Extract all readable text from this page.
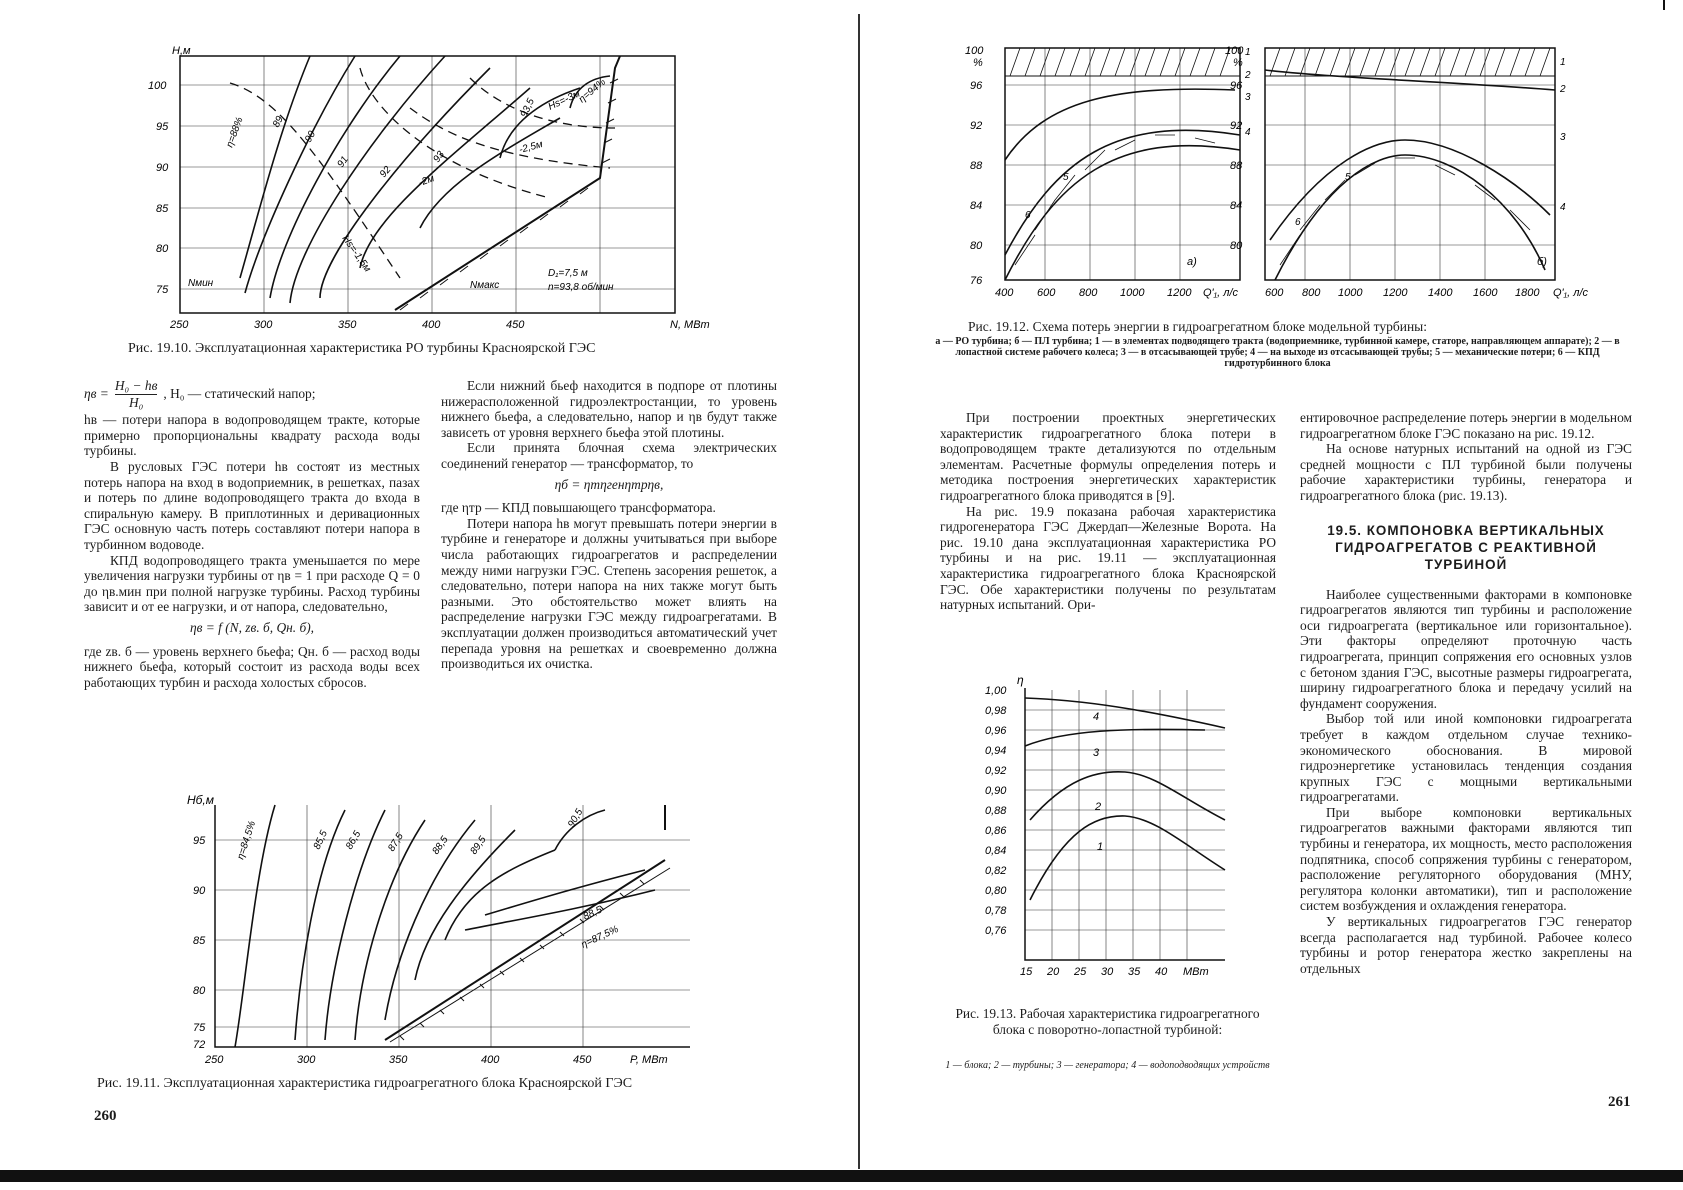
H,м
100
95
90
85
80
75
250	300	350	400	450	N, МВт
η=88%	89
90
91
92
93
93,5
η=94%
Hs=-1,5м
-2м
-2,5м
Hs=-3м
Nмин	Nмакс
D₁=7,5 м
n=93,8 об/мин
Рис. 19.10. Эксплуатационная характеристика РО турбины Красноярской ГЭС
ηв =
H₀ − hв
H₀
, H₀ — статический напор;

hв — потери напора в водопроводящем тракте, которые примерно пропорциональны квадрату расхода воды турбины.

В русловых ГЭС потери hв состоят из местных потерь напора на вход в водоприемник, в решетках, пазах и потерь по длине водопроводящего тракта до входа в спиральную камеру. В приплотинных и деривационных ГЭС основную часть потерь составляют потери напора в турбинном водоводе.

КПД водопроводящего тракта уменьшается по мере увеличения нагрузки турбины от ηв = 1 при расходе Q = 0 до ηв.мин при полной нагрузке турбины. Расход турбины зависит и от ее нагрузки, и от напора, следовательно,

ηв = f (N, zв. б, Qн. б),

где zв. б — уровень верхнего бьефа; Qн. б — расход воды нижнего бьефа, который состоит из расхода воды всех работающих турбин и расхода холостых сбросов.

Если нижний бьеф находится в подпоре от плотины нижерасположенной гидроэлектростанции, то уровень нижнего бьефа, а следовательно, напор и ηв будут также зависеть от уровня верхнего бьефа этой плотины.

Если принята блочная схема электрических соединений генератор — трансформатор, то

ηб = ηтηгенηтрηв,

где ηтр — КПД повышающего трансформатора.

Потери напора hв могут превышать потери энергии в турбине и генераторе и должны учитываться при выборе числа работающих гидроагрегатов и распределении между ними нагрузки ГЭС. Степень засорения решеток, а следовательно, потери напора на них также могут быть разными. Это обстоятельство может влиять на распределение нагрузки ГЭС между гидроагрегатами. В эксплуатации должен производиться автоматический учет перепада уровня на решетках и своевременно должна производиться их очистка.

Hб,м
95
90
85
80
75
72
250	300	350	400	450	P, МВт
η=84,5%	85,5 86,5 87,5 88,5 89,5
90,5
88,5
η=87,5%
Рис. 19.11. Эксплуатационная характеристика гидроагрегатного блока Красноярской ГЭС
260
а)
1
2
3
4
5
6
100
%
96
92
88
84
80
76
400 600 800 1000 1200 Q'₁, л/с
100
%
96
92
88
84
80
б)
1
2
3
4
5
6
600 800 1000 1200 1400 1600 1800 Q'₁, л/с
Рис. 19.12. Схема потерь энергии в гидроагрегатном блоке модельной турбины:
а — РО турбина; б — ПЛ турбина; 1 — в элементах подводящего тракта (водоприемнике, турбинной камере, статоре, направляющем аппарате); 2 — в лопастной системе рабочего колеса; 3 — в отсасывающей трубе; 4 — на выходе из отсасывающей трубы; 5 — механические потери; 6 — КПД гидротурбинного блока

При построении проектных энергетических характеристик гидроагрегатного блока потери в водопроводящем тракте детализуются по отдельным элементам. Расчетные формулы определения потерь и методика построения энергетических характеристик гидроагрегатного блока приводятся в [9].

На рис. 19.9 показана рабочая характеристика гидрогенератора ГЭС Джердап—Железные Ворота. На рис. 19.10 дана эксплуатационная характеристика РО турбины и на рис. 19.11 — эксплуатационная характеристика гидроагрегатного блока Красноярской ГЭС. Обе характеристики получены по результатам натурных испытаний. Ори-

η
1,00
0,98
0,96
0,94
0,92
0,90
0,88
0,86
0,84
0,82
0,80
0,78
0,76
15 20 25 30 35 40 МВт
4
3
2
1
Рис. 19.13. Рабочая характеристика гидроагрегатного блока с поворотно-лопастной турбиной:
1 — блока; 2 — турбины; 3 — генератора; 4 — водоподводящих устройств

ентировочное распределение потерь энергии в модельном гидроагрегатном блоке ГЭС показано на рис. 19.12.

На основе натурных испытаний на одной из ГЭС средней мощности с ПЛ турбиной были получены рабочие характеристики турбины, генератора и гидроагрегатного блока (рис. 19.13).

19.5. КОМПОНОВКА ВЕРТИКАЛЬНЫХ ГИДРОАГРЕГАТОВ С РЕАКТИВНОЙ ТУРБИНОЙ

Наиболее существенными факторами в компоновке гидроагрегатов являются тип турбины и расположение оси гидроагрегата (вертикальное или горизонтальное). Эти факторы определяют проточную часть гидроагрегата, принцип сопряжения его основных узлов с бетоном здания ГЭС, высотные размеры гидроагрегата, ширину гидроагрегатного блока и передачу усилий на фундамент сооружения.

Выбор той или иной компоновки гидроагрегата требует в каждом отдельном случае технико-экономического обоснования. В мировой гидроэнергетике установилась тенденция создания крупных ГЭС с мощными вертикальными гидроагрегатами.

При выборе компоновки вертикальных гидроагрегатов важными факторами являются тип турбины и генератора, их мощность, место расположения подпятника, способ сопряжения турбины с генератором, расположение регуляторного оборудования (МНУ, регулятора колонки автоматики), тип и расположение систем возбуждения и охлаждения генератора.

У вертикальных гидроагрегатов ГЭС генератор всегда располагается над турбиной. Рабочее колесо турбины и ротор генератора жестко закреплены на отдельных

261
